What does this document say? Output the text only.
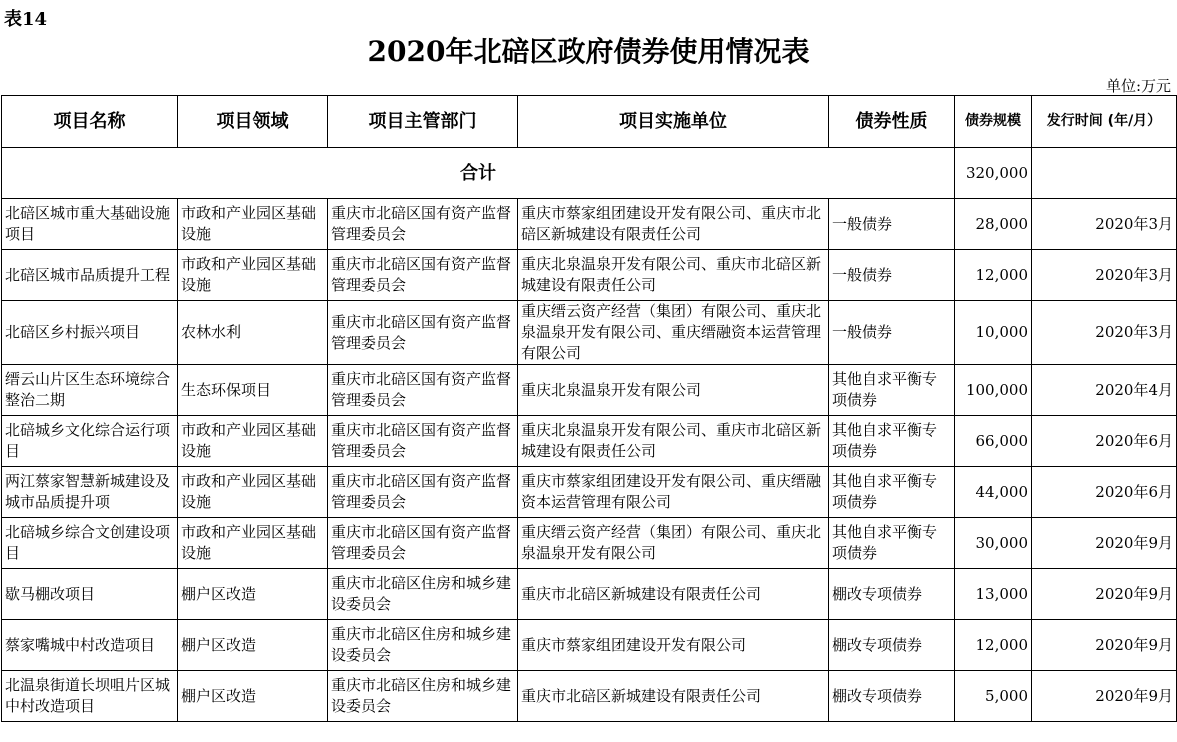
表14
2020年北碚区政府债券使用情况表
单位:万元
项目名称	项目领域	项目主管部门	项目实施单位	债券性质	债券规模	发行时间 (年/月）
合计					320,000	

北碚区城市重大基础设施项目	市政和产业园区基础设施	重庆市北碚区国有资产监督管理委员会	重庆市蔡家组团建设开发有限公司、重庆市北碚区新城建设有限责任公司	一般债券	28,000	2020年3月

北碚区城市品质提升工程	市政和产业园区基础设施	重庆市北碚区国有资产监督管理委员会	重庆北泉温泉开发有限公司、重庆市北碚区新城建设有限责任公司	一般债券	12,000	2020年3月

北碚区乡村振兴项目	农林水利	重庆市北碚区国有资产监督管理委员会	重庆缙云资产经营（集团）有限公司、重庆北泉温泉开发有限公司、重庆缙融资本运营管理有限公司	一般债券	10,000	2020年3月

缙云山片区生态环境综合整治二期	生态环保项目	重庆市北碚区国有资产监督管理委员会	重庆北泉温泉开发有限公司	其他自求平衡专项债券	100,000	2020年4月

北碚城乡文化综合运行项目	市政和产业园区基础设施	重庆市北碚区国有资产监督管理委员会	重庆北泉温泉开发有限公司、重庆市北碚区新城建设有限责任公司	其他自求平衡专项债券	66,000	2020年6月

两江蔡家智慧新城建设及城市品质提升项	市政和产业园区基础设施	重庆市北碚区国有资产监督管理委员会	重庆市蔡家组团建设开发有限公司、重庆缙融资本运营管理有限公司	其他自求平衡专项债券	44,000	2020年6月

北碚城乡综合文创建设项目	市政和产业园区基础设施	重庆市北碚区国有资产监督管理委员会	重庆缙云资产经营（集团）有限公司、重庆北泉温泉开发有限公司	其他自求平衡专项债券	30,000	2020年9月

歇马棚改项目	棚户区改造	重庆市北碚区住房和城乡建设委员会	重庆市北碚区新城建设有限责任公司	棚改专项债券	13,000	2020年9月

蔡家嘴城中村改造项目	棚户区改造	重庆市北碚区住房和城乡建设委员会	重庆市蔡家组团建设开发有限公司	棚改专项债券	12,000	2020年9月

北温泉街道长坝咀片区城中村改造项目	棚户区改造	重庆市北碚区住房和城乡建设委员会	重庆市北碚区新城建设有限责任公司	棚改专项债券	5,000	2020年9月
